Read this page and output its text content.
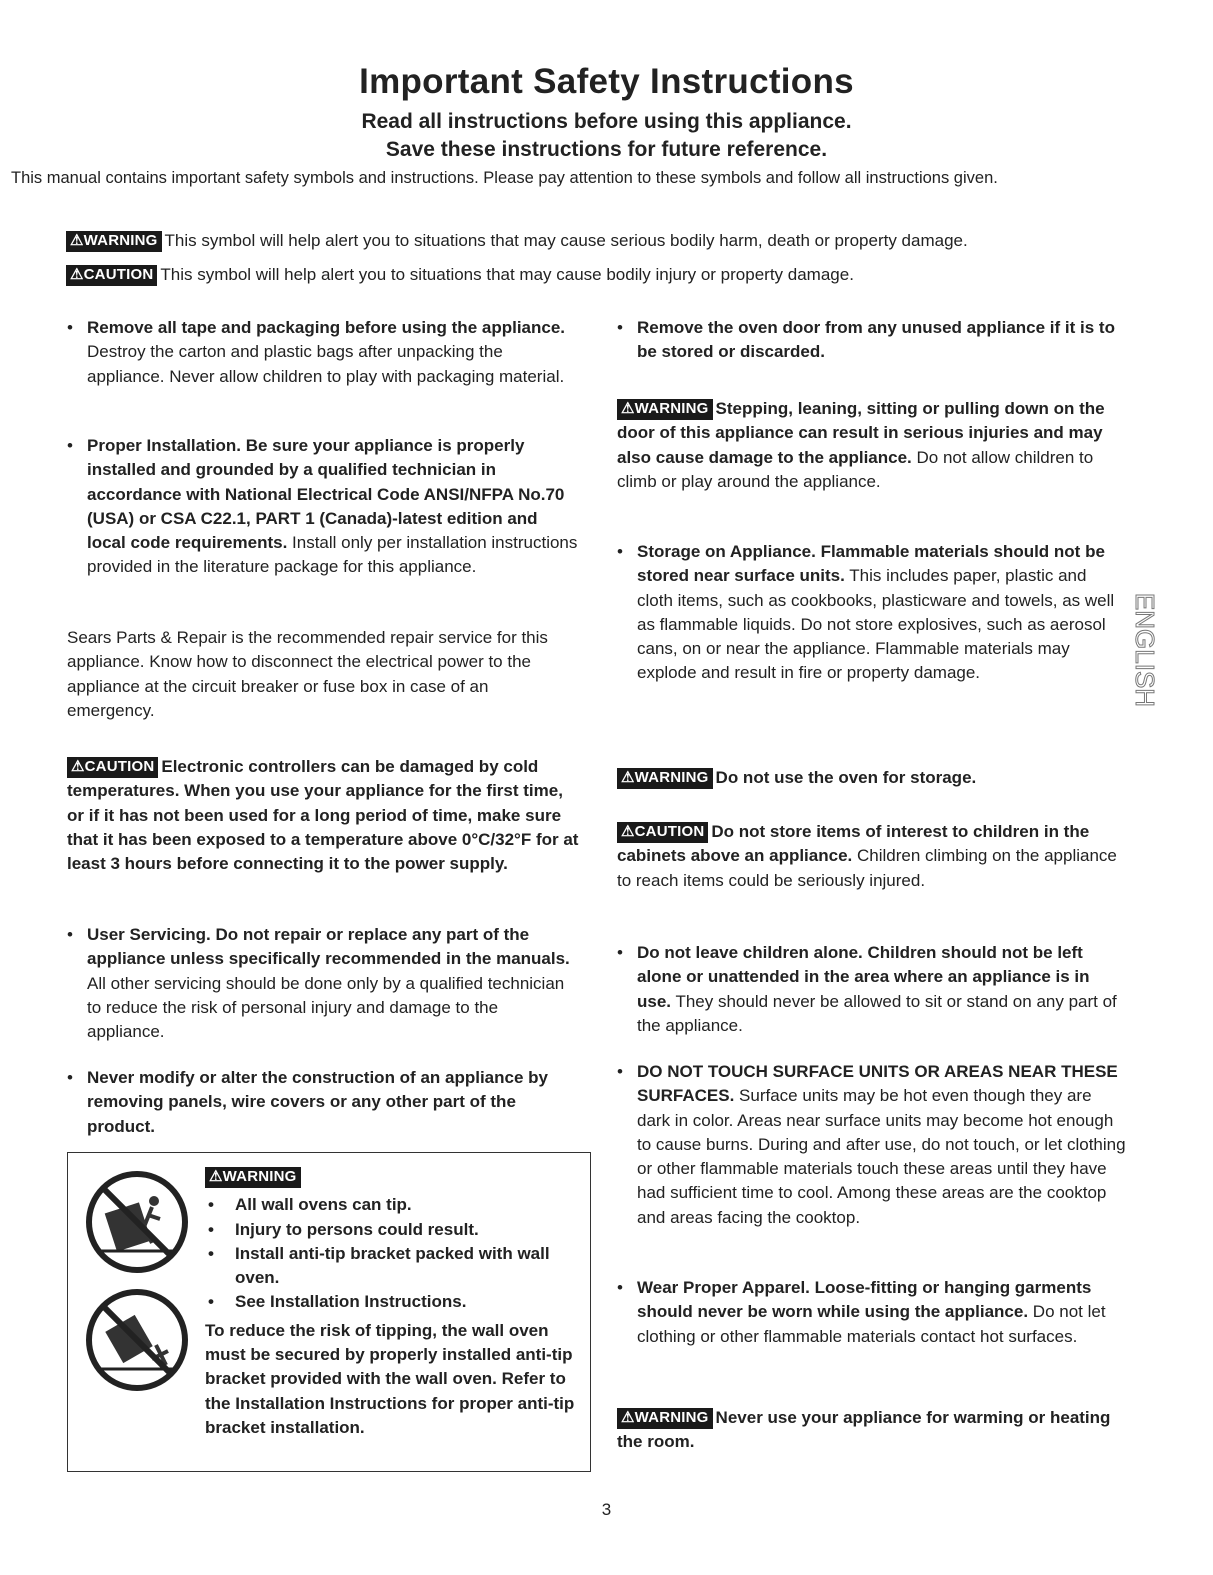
Important Safety Instructions
Read all instructions before using this appliance.
Save these instructions for future reference.
This manual contains important safety symbols and instructions. Please pay attention to these symbols and follow all instructions given.
⚠WARNING This symbol will help alert you to situations that may cause serious bodily harm, death or property damage.
⚠CAUTION This symbol will help alert you to situations that may cause bodily injury or property damage.
• Remove all tape and packaging before using the appliance. Destroy the carton and plastic bags after unpacking the appliance. Never allow children to play with packaging material.
• Proper Installation. Be sure your appliance is properly installed and grounded by a qualified technician in accordance with National Electrical Code ANSI/NFPA No.70 (USA) or CSA C22.1, PART 1 (Canada)-latest edition and local code requirements. Install only per installation instructions provided in the literature package for this appliance.

Sears Parts & Repair is the recommended repair service for this appliance. Know how to disconnect the electrical power to the appliance at the circuit breaker or fuse box in case of an emergency.

⚠CAUTION Electronic controllers can be damaged by cold temperatures. When you use your appliance for the first time, or if it has not been used for a long period of time, make sure that it has been exposed to a temperature above 0°C/32°F for at least 3 hours before connecting it to the power supply.
• User Servicing. Do not repair or replace any part of the appliance unless specifically recommended in the manuals. All other servicing should be done only by a qualified technician to reduce the risk of personal injury and damage to the appliance.
• Never modify or alter the construction of an appliance by removing panels, wire covers or any other part of the product.
⚠WARNING
• All wall ovens can tip.
• Injury to persons could result.
• Install anti-tip bracket packed with wall oven.
• See Installation Instructions.

To reduce the risk of tipping, the wall oven must be secured by properly installed anti-tip bracket provided with the wall oven. Refer to the Installation Instructions for proper anti-tip bracket installation.

• Remove the oven door from any unused appliance if it is to be stored or discarded.
⚠WARNING Stepping, leaning, sitting or pulling down on the door of this appliance can result in serious injuries and may also cause damage to the appliance. Do not allow children to climb or play around the appliance.
• Storage on Appliance. Flammable materials should not be stored near surface units. This includes paper, plastic and cloth items, such as cookbooks, plasticware and towels, as well as flammable liquids. Do not store explosives, such as aerosol cans, on or near the appliance. Flammable materials may explode and result in fire or property damage.
⚠WARNING Do not use the oven for storage.
⚠CAUTION Do not store items of interest to children in the cabinets above an appliance. Children climbing on the appliance to reach items could be seriously injured.
• Do not leave children alone. Children should not be left alone or unattended in the area where an appliance is in use. They should never be allowed to sit or stand on any part of the appliance.
• DO NOT TOUCH SURFACE UNITS OR AREAS NEAR THESE SURFACES. Surface units may be hot even though they are dark in color. Areas near surface units may become hot enough to cause burns. During and after use, do not touch, or let clothing or other flammable materials touch these areas until they have had sufficient time to cool. Among these areas are the cooktop and areas facing the cooktop.
• Wear Proper Apparel. Loose-fitting or hanging garments should never be worn while using the appliance. Do not let clothing or other flammable materials contact hot surfaces.
⚠WARNING Never use your appliance for warming or heating the room.
ENGLISH
3
